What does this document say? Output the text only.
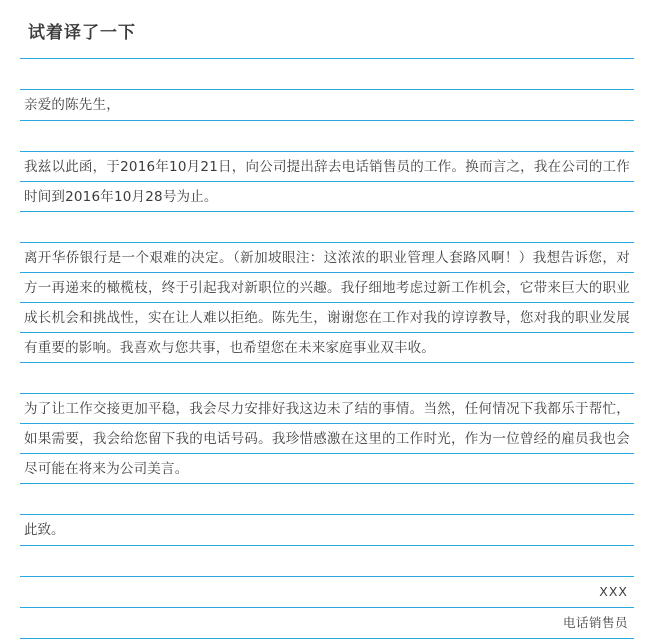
试着译了一下
亲爱的陈先生，
我兹以此函，于2016年10月21日，向公司提出辞去电话销售员的工作。换而言之，我在公司的工作时间到2016年10月28号为止。
离开华侨银行是一个艰难的决定。（新加坡眼注：这浓浓的职业管理人套路风啊！）我想告诉您，对方一再递来的橄榄枝，终于引起我对新职位的兴趣。我仔细地考虑过新工作机会，它带来巨大的职业成长机会和挑战性，实在让人难以拒绝。陈先生，谢谢您在工作对我的谆谆教导，您对我的职业发展有重要的影响。我喜欢与您共事，也希望您在未来家庭事业双丰收。
为了让工作交接更加平稳，我会尽力安排好我这边未了结的事情。当然，任何情况下我都乐于帮忙，如果需要，我会给您留下我的电话号码。我珍惜感激在这里的工作时光，作为一位曾经的雇员我也会尽可能在将来为公司美言。
此致。
XXX
电话销售员
